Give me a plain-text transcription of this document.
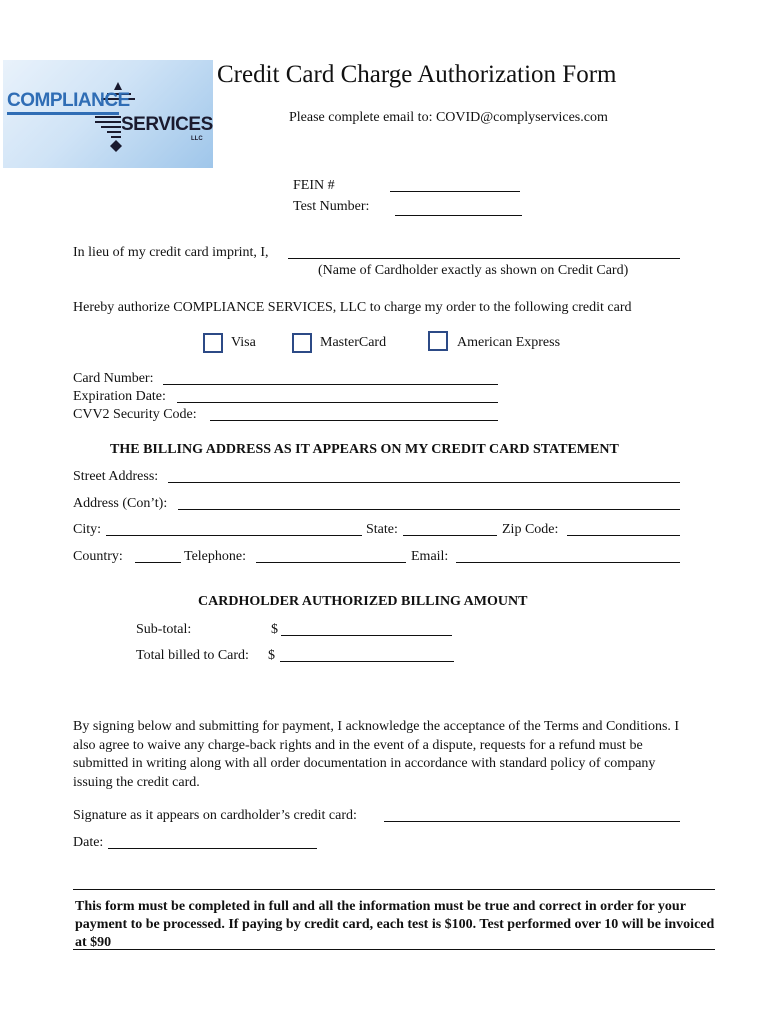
COMPLIANCE
SERVICES
LLC
Credit Card Charge Authorization Form
Please complete email to: COVID@complyservices.com
FEIN #
Test Number:
In lieu of my credit card imprint, I,
(Name of Cardholder exactly as shown on Credit Card)
Hereby authorize COMPLIANCE SERVICES, LLC to charge my order to the following credit card
Visa	MasterCard	American Express
Card Number:
Expiration Date:
CVV2 Security Code:
THE BILLING ADDRESS AS IT APPEARS ON MY CREDIT CARD STATEMENT
Street Address:
Address (Con’t):
City:	State:	Zip Code:
Country:	Telephone:	Email:
CARDHOLDER AUTHORIZED BILLING AMOUNT
Sub-total:	$
Total billed to Card: $

By signing below and submitting for payment, I acknowledge the acceptance of the Terms and Conditions. I also agree to waive any charge-back rights and in the event of a dispute, requests for a refund must be submitted in writing along with all order documentation in accordance with standard policy of company issuing the credit card.

Signature as it appears on cardholder’s credit card:
Date:

This form must be completed in full and all the information must be true and correct in order for your payment to be processed. If paying by credit card, each test is $100. Test performed over 10 will be invoiced at $90
